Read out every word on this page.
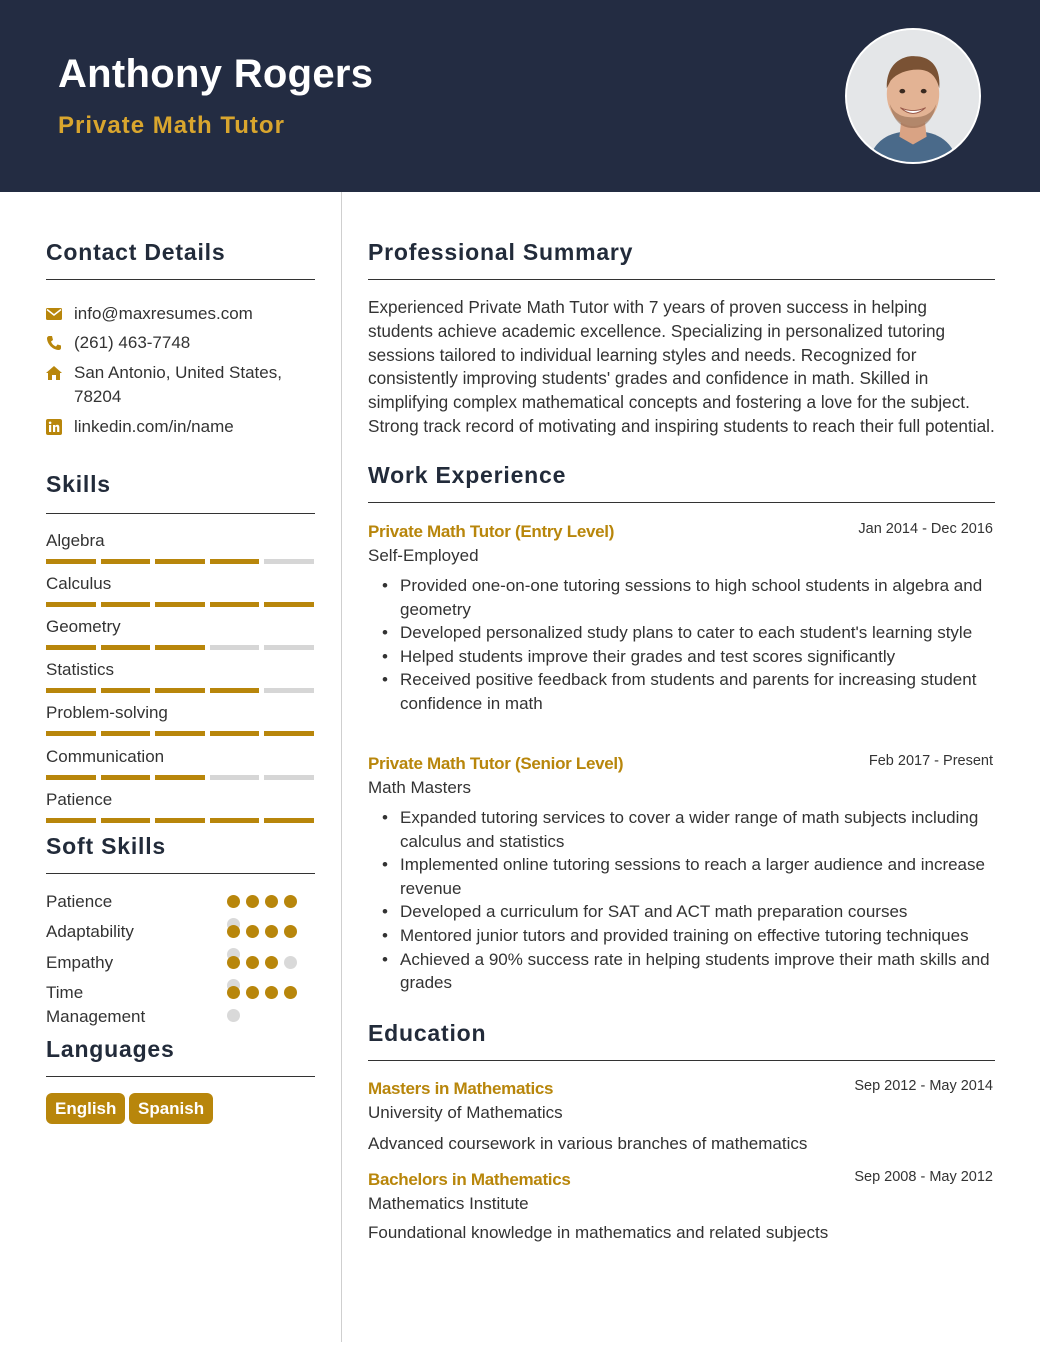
Anthony Rogers
Private Math Tutor
Contact Details
info@maxresumes.com
(261) 463-7748
San Antonio, United States, 78204
linkedin.com/in/name
Skills
Algebra
Calculus
Geometry
Statistics
Problem-solving
Communication
Patience
Soft Skills
Patience
Adaptability
Empathy
Time Management
Languages
English	Spanish
Professional Summary
Experienced Private Math Tutor with 7 years of proven success in helping students achieve academic excellence. Specializing in personalized tutoring sessions tailored to individual learning styles and needs. Recognized for consistently improving students' grades and confidence in math. Skilled in simplifying complex mathematical concepts and fostering a love for the subject. Strong track record of motivating and inspiring students to reach their full potential.
Work Experience
Private Math Tutor (Entry Level)	Jan 2014 - Dec 2016
Self-Employed
• Provided one-on-one tutoring sessions to high school students in algebra and geometry
• Developed personalized study plans to cater to each student's learning style
• Helped students improve their grades and test scores significantly
• Received positive feedback from students and parents for increasing student confidence in math
Private Math Tutor (Senior Level)	Feb 2017 - Present
Math Masters
• Expanded tutoring services to cover a wider range of math subjects including calculus and statistics
• Implemented online tutoring sessions to reach a larger audience and increase revenue
• Developed a curriculum for SAT and ACT math preparation courses
• Mentored junior tutors and provided training on effective tutoring techniques
• Achieved a 90% success rate in helping students improve their math skills and grades
Education
Masters in Mathematics	Sep 2012 - May 2014
University of Mathematics
Advanced coursework in various branches of mathematics
Bachelors in Mathematics	Sep 2008 - May 2012
Mathematics Institute
Foundational knowledge in mathematics and related subjects
